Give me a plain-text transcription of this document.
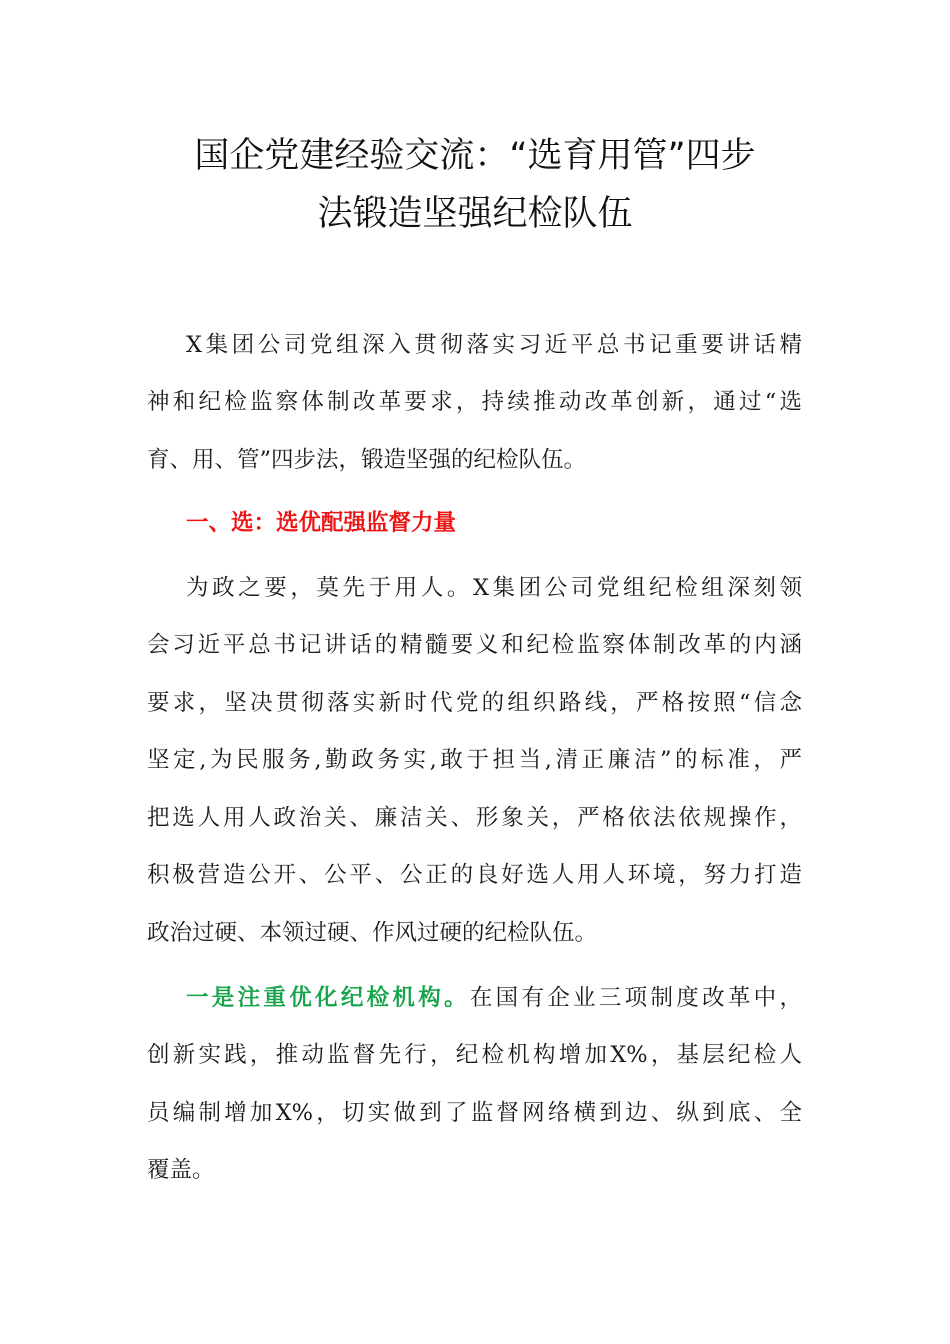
国企党建经验交流：“选育用管”四步
法锻造坚强纪检队伍
X集团公司党组深入贯彻落实习近平总书记重要讲话精
神和纪检监察体制改革要求，持续推动改革创新，通过“选
育、用、管”四步法，锻造坚强的纪检队伍。
一、选：选优配强监督力量
为政之要，莫先于用人。X集团公司党组纪检组深刻领
会习近平总书记讲话的精髓要义和纪检监察体制改革的内涵
要求，坚决贯彻落实新时代党的组织路线，严格按照“信念
坚定,为民服务,勤政务实,敢于担当,清正廉洁”的标准，严
把选人用人政治关、廉洁关、形象关，严格依法依规操作，
积极营造公开、公平、公正的良好选人用人环境，努力打造
政治过硬、本领过硬、作风过硬的纪检队伍。
一是注重优化纪检机构。在国有企业三项制度改革中，
创新实践，推动监督先行，纪检机构增加X%，基层纪检人
员编制增加X%，切实做到了监督网络横到边、纵到底、全
覆盖。
